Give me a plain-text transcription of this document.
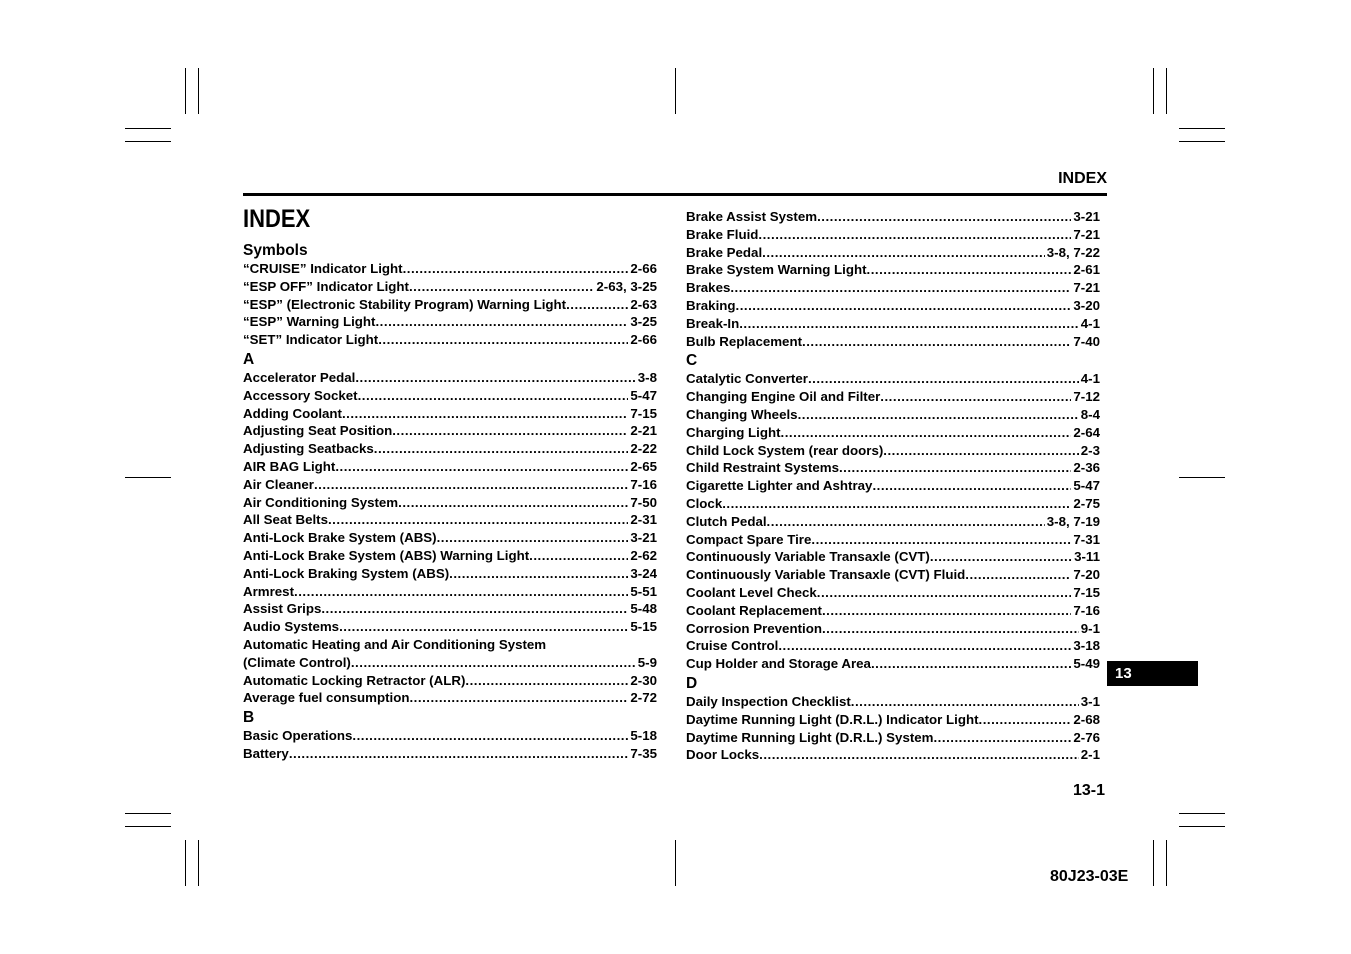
INDEX
INDEX
Symbols
“CRUISE” Indicator Light .....	2-66
“ESP OFF” Indicator Light .....	2-63, 3-25
“ESP” (Electronic Stability Program) Warning Light .....	2-63
“ESP” Warning Light .....	3-25
“SET” Indicator Light .....	2-66
A
Accelerator Pedal .....	3-8
Accessory Socket .....	5-47
Adding Coolant .....	7-15
Adjusting Seat Position .....	2-21
Adjusting Seatbacks .....	2-22
AIR BAG Light .....	2-65
Air Cleaner .....	7-16
Air Conditioning System .....	7-50
All Seat Belts .....	2-31
Anti-Lock Brake System (ABS) .....	3-21
Anti-Lock Brake System (ABS) Warning Light .....	2-62
Anti-Lock Braking System (ABS) .....	3-24
Armrest .....	5-51
Assist Grips .....	5-48
Audio Systems .....	5-15
Automatic Heating and Air Conditioning System
(Climate Control) .....	5-9
Automatic Locking Retractor (ALR) .....	2-30
Average fuel consumption .....	2-72
B
Basic Operations .....	5-18
Battery .....	7-35
Brake Assist System .....	3-21
Brake Fluid .....	7-21
Brake Pedal .....	3-8, 7-22
Brake System Warning Light .....	2-61
Brakes .....	7-21
Braking .....	3-20
Break-In .....	4-1
Bulb Replacement .....	7-40
C
Catalytic Converter .....	4-1
Changing Engine Oil and Filter .....	7-12
Changing Wheels .....	8-4
Charging Light .....	2-64
Child Lock System (rear doors) .....	2-3
Child Restraint Systems .....	2-36
Cigarette Lighter and Ashtray .....	5-47
Clock .....	2-75
Clutch Pedal .....	3-8, 7-19
Compact Spare Tire .....	7-31
Continuously Variable Transaxle (CVT) .....	3-11
Continuously Variable Transaxle (CVT) Fluid .....	7-20
Coolant Level Check .....	7-15
Coolant Replacement .....	7-16
Corrosion Prevention .....	9-1
Cruise Control .....	3-18
Cup Holder and Storage Area .....	5-49
D
Daily Inspection Checklist .....	3-1
Daytime Running Light (D.R.L.) Indicator Light .....	2-68
Daytime Running Light (D.R.L.) System .....	2-76
Door Locks .....	2-1
13
13-1
80J23-03E
